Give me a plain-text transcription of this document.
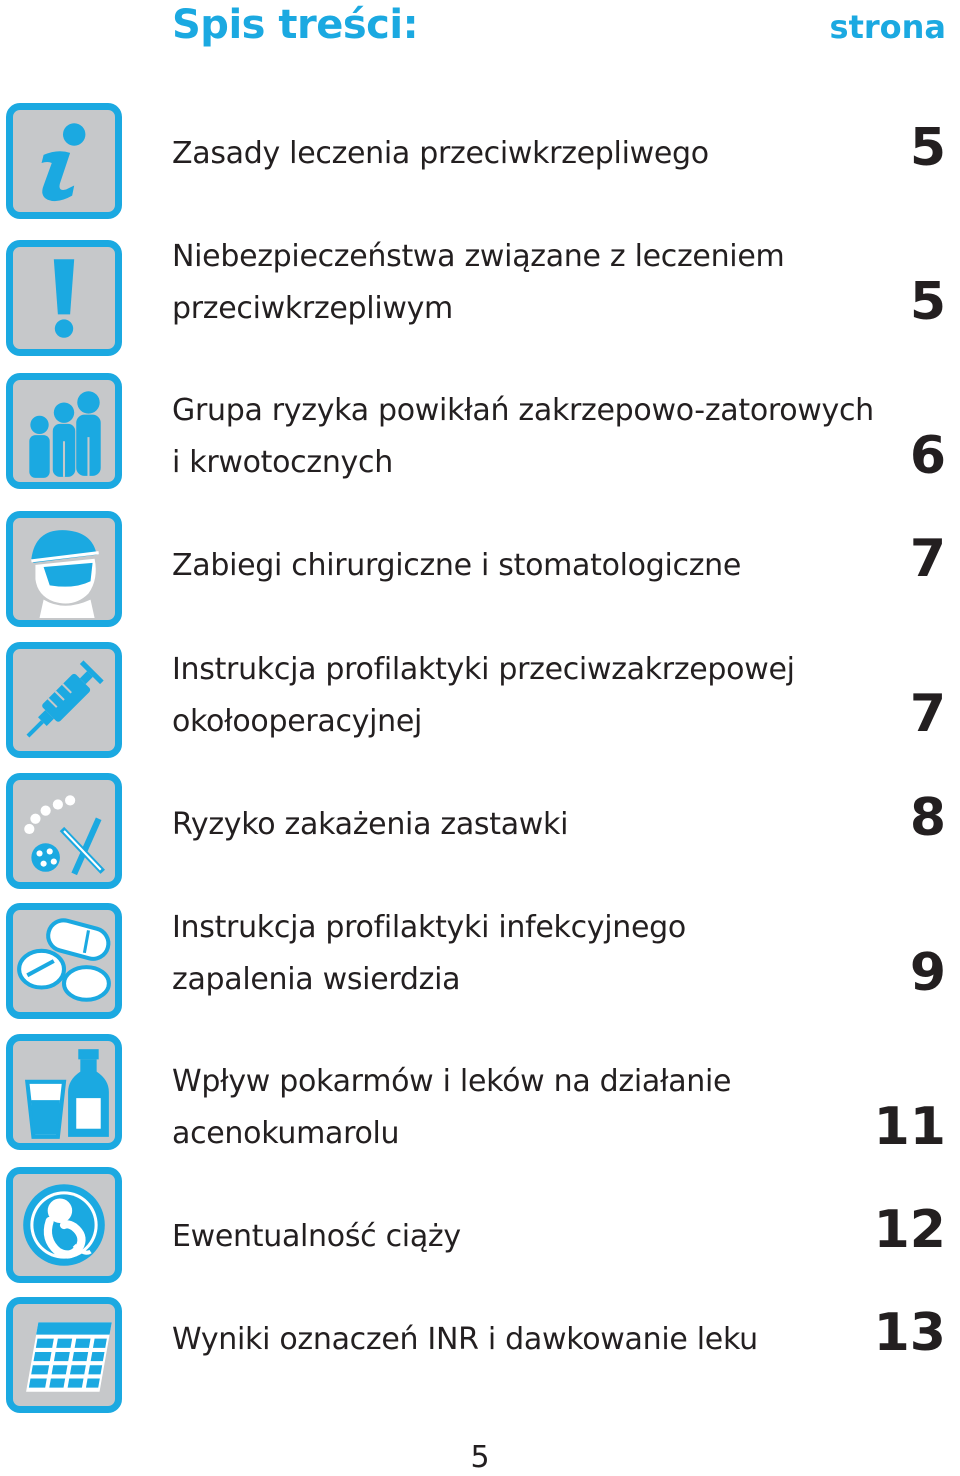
Spis treści:	strona
Zasady leczenia przeciwkrzepliwego	5
Niebezpieczeństwa związane z leczeniem
przeciwkrzepliwym	5
Grupa ryzyka powikłań zakrzepowo-zatorowych
i krwotocznych	6
Zabiegi chirurgiczne i stomatologiczne	7
Instrukcja profilaktyki przeciwzakrzepowej
okołooperacyjnej	7
Ryzyko zakażenia zastawki	8
Instrukcja profilaktyki infekcyjnego
zapalenia wsierdzia	9
Wpływ pokarmów i leków na działanie
acenokumarolu	11
Ewentualność ciąży	12
Wyniki oznaczeń INR i dawkowanie leku	13
5
